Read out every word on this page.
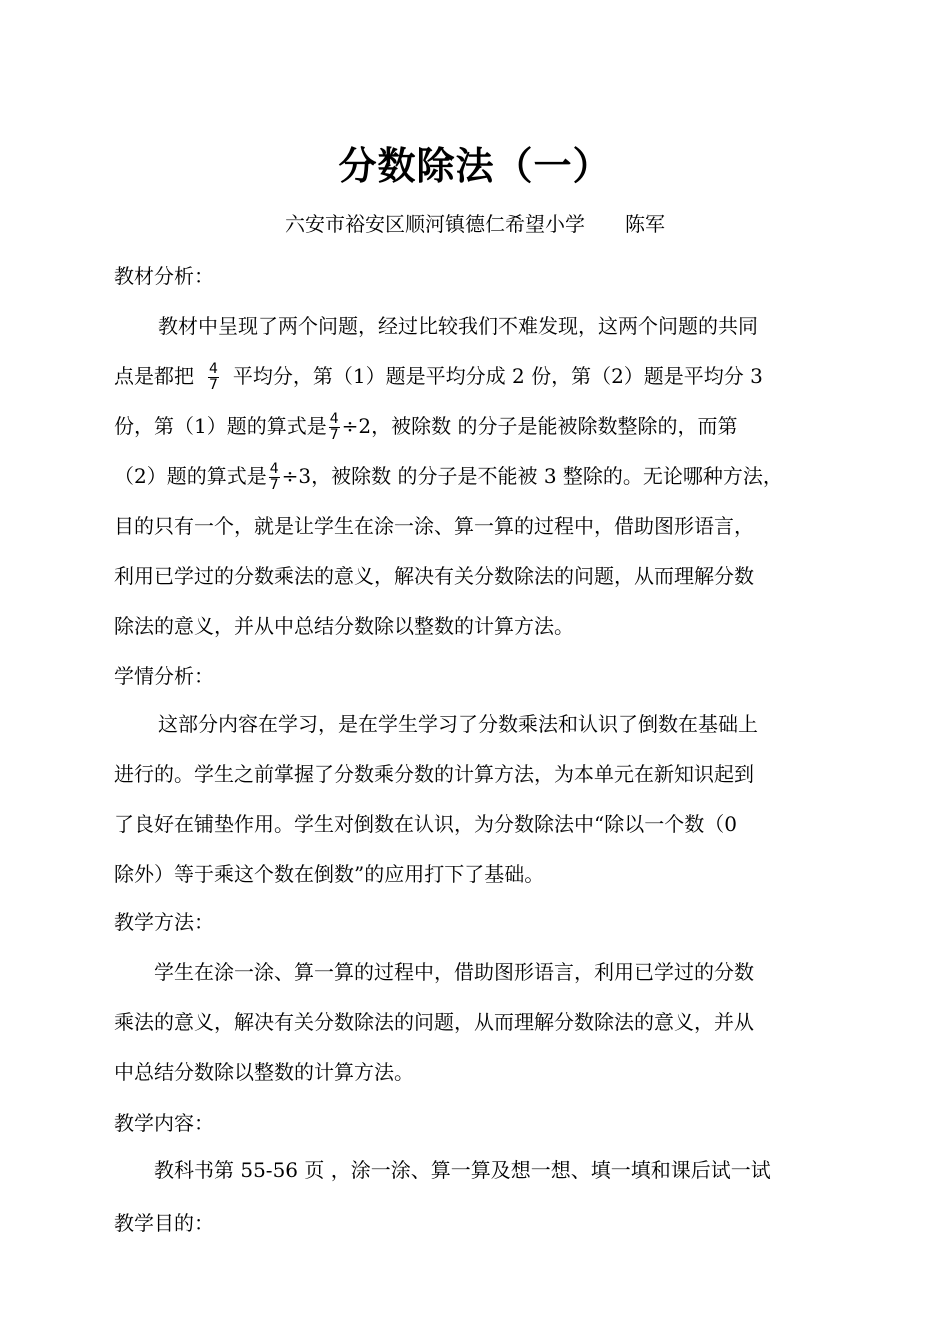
分数除法（一）
六安市裕安区顺河镇德仁希望小学 陈军
教材分析：
教材中呈现了两个问题，经过比较我们不难发现，这两个问题的共同
点是都把 $\frac{4}{7}$ 平均分，第（1）题是平均分成 2 份，第（2）题是平均分 3
份，第（1）题的算式是 $\frac{4}{7} \div 2$，被除数 的分子是能被除数整除的，而第
（2）题的算式是 $\frac{4}{7} \div 3$，被除数 的分子是不能被 3 整除的。无论哪种方法，
目的只有一个，就是让学生在涂一涂、算一算的过程中，借助图形语言，
利用已学过的分数乘法的意义，解决有关分数除法的问题，从而理解分数
除法的意义，并从中总结分数除以整数的计算方法。
学情分析：
这部分内容在学习，是在学生学习了分数乘法和认识了倒数在基础上
进行的。学生之前掌握了分数乘分数的计算方法，为本单元在新知识起到
了良好在铺垫作用。学生对倒数在认识，为分数除法中“除以一个数（0
除外）等于乘这个数在倒数”的应用打下了基础。
教学方法：
学生在涂一涂、算一算的过程中，借助图形语言，利用已学过的分数
乘法的意义，解决有关分数除法的问题，从而理解分数除法的意义，并从
中总结分数除以整数的计算方法。
教学内容：
教科书第 55-56 页 ，涂一涂、算一算及想一想、填一填和课后试一试
教学目的：
